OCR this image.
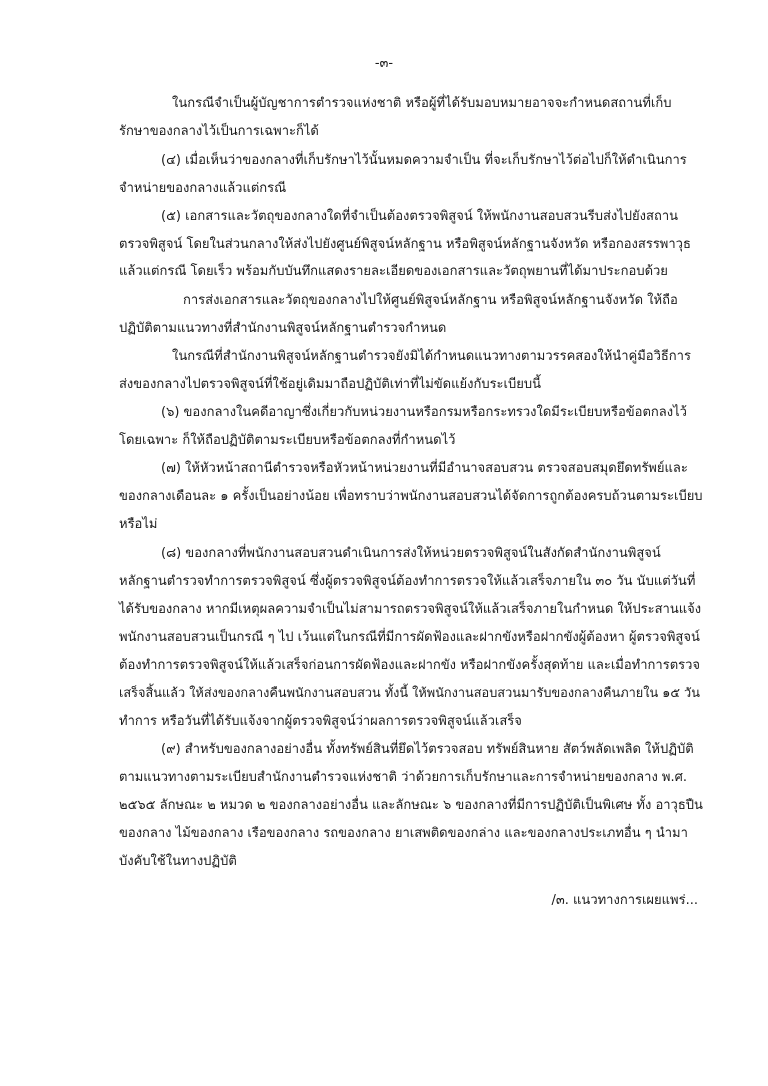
-๓-
ในกรณีจำเป็นผู้บัญชาการตำรวจแห่งชาติ หรือผู้ที่ได้รับมอบหมายอาจจะกำหนดสถานที่เก็บ
รักษาของกลางไว้เป็นการเฉพาะก็ได้
(๔) เมื่อเห็นว่าของกลางที่เก็บรักษาไว้นั้นหมดความจำเป็น ที่จะเก็บรักษาไว้ต่อไปก็ให้ดำเนินการ
จำหน่ายของกลางแล้วแต่กรณี
(๕) เอกสารและวัตถุของกลางใดที่จำเป็นต้องตรวจพิสูจน์ ให้พนักงานสอบสวนรีบส่งไปยังสถาน
ตรวจพิสูจน์ โดยในส่วนกลางให้ส่งไปยังศูนย์พิสูจน์หลักฐาน หรือพิสูจน์หลักฐานจังหวัด หรือกองสรรพาวุธ
แล้วแต่กรณี โดยเร็ว พร้อมกับบันทึกแสดงรายละเอียดของเอกสารและวัตถุพยานที่ได้มาประกอบด้วย
การส่งเอกสารและวัตถุของกลางไปให้ศูนย์พิสูจน์หลักฐาน หรือพิสูจน์หลักฐานจังหวัด ให้ถือ
ปฏิบัติตามแนวทางที่สำนักงานพิสูจน์หลักฐานตำรวจกำหนด
ในกรณีที่สำนักงานพิสูจน์หลักฐานตำรวจยังมิได้กำหนดแนวทางตามวรรคสองให้นำคู่มือวิธีการ
ส่งของกลางไปตรวจพิสูจน์ที่ใช้อยู่เดิมมาถือปฏิบัติเท่าที่ไม่ขัดแย้งกับระเบียบนี้
(๖) ของกลางในคดีอาญาซึ่งเกี่ยวกับหน่วยงานหรือกรมหรือกระทรวงใดมีระเบียบหรือข้อตกลงไว้
โดยเฉพาะ ก็ให้ถือปฏิบัติตามระเบียบหรือข้อตกลงที่กำหนดไว้
(๗) ให้หัวหน้าสถานีตำรวจหรือหัวหน้าหน่วยงานที่มีอำนาจสอบสวน ตรวจสอบสมุดยึดทรัพย์และ
ของกลางเดือนละ ๑ ครั้งเป็นอย่างน้อย เพื่อทราบว่าพนักงานสอบสวนได้จัดการถูกต้องครบถ้วนตามระเบียบ
หรือไม่
(๘) ของกลางที่พนักงานสอบสวนดำเนินการส่งให้หน่วยตรวจพิสูจน์ในสังกัดสำนักงานพิสูจน์
หลักฐานตำรวจทำการตรวจพิสูจน์ ซึ่งผู้ตรวจพิสูจน์ต้องทำการตรวจให้แล้วเสร็จภายใน ๓๐ วัน นับแต่วันที่
ได้รับของกลาง หากมีเหตุผลความจำเป็นไม่สามารถตรวจพิสูจน์ให้แล้วเสร็จภายในกำหนด ให้ประสานแจ้ง
พนักงานสอบสวนเป็นกรณี ๆ ไป เว้นแต่ในกรณีที่มีการผัดฟ้องและฝากขังหรือฝากขังผู้ต้องหา ผู้ตรวจพิสูจน์
ต้องทำการตรวจพิสูจน์ให้แล้วเสร็จก่อนการผัดฟ้องและฝากขัง หรือฝากขังครั้งสุดท้าย และเมื่อทำการตรวจ
เสร็จสิ้นแล้ว ให้ส่งของกลางคืนพนักงานสอบสวน ทั้งนี้ ให้พนักงานสอบสวนมารับของกลางคืนภายใน ๑๕ วัน
ทำการ หรือวันที่ได้รับแจ้งจากผู้ตรวจพิสูจน์ว่าผลการตรวจพิสูจน์แล้วเสร็จ
(๙) สำหรับของกลางอย่างอื่น ทั้งทรัพย์สินที่ยึดไว้ตรวจสอบ ทรัพย์สินหาย สัตว์พลัดเพลิด ให้ปฏิบัติ
ตามแนวทางตามระเบียบสำนักงานตำรวจแห่งชาติ ว่าด้วยการเก็บรักษาและการจำหน่ายของกลาง พ.ศ.
๒๕๖๕ ลักษณะ ๒ หมวด ๒ ของกลางอย่างอื่น และลักษณะ ๖ ของกลางที่มีการปฏิบัติเป็นพิเศษ ทั้ง อาวุธปืน
ของกลาง ไม้ของกลาง เรือของกลาง รถของกลาง ยาเสพติดของกล่าง และของกลางประเภทอื่น ๆ นำมา
บังคับใช้ในทางปฏิบัติ
/๓. แนวทางการเผยแพร่...
